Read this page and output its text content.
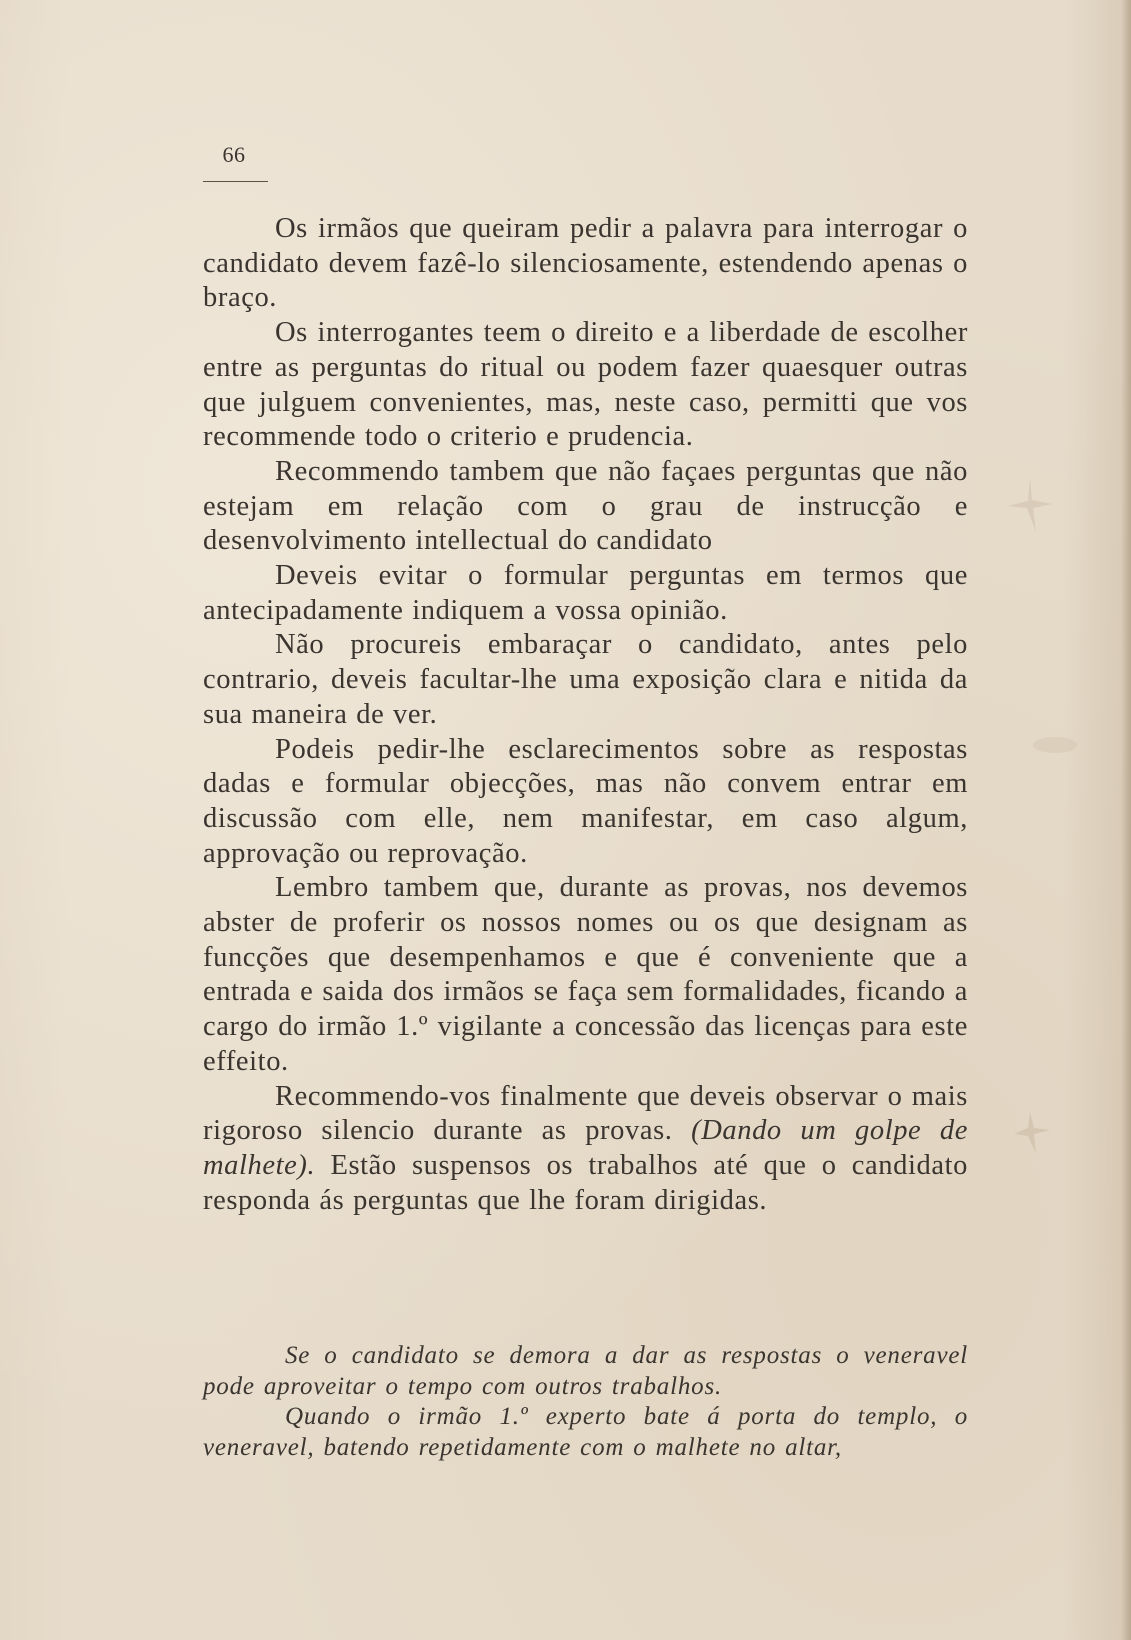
66

Os irmãos que queiram pedir a palavra para interrogar o candidato devem fazê-lo silenciosamente, estendendo apenas o braço.

Os interrogantes teem o direito e a liberdade de escolher entre as perguntas do ritual ou podem fazer quaesquer outras que julguem convenientes, mas, neste caso, permitti que vos recommende todo o criterio e prudencia.

Recommendo tambem que não façaes perguntas que não estejam em relação com o grau de instrucção e desenvolvimento intellectual do candidato

Deveis evitar o formular perguntas em termos que antecipadamente indiquem a vossa opinião.

Não procureis embaraçar o candidato, antes pelo contrario, deveis facultar-lhe uma exposição clara e nitida da sua maneira de ver.

Podeis pedir-lhe esclarecimentos sobre as respostas dadas e formular objecções, mas não convem entrar em discussão com elle, nem manifestar, em caso algum, approvação ou reprovação.

Lembro tambem que, durante as provas, nos devemos abster de proferir os nossos nomes ou os que designam as funcções que desempenhamos e que é conveniente que a entrada e saida dos irmãos se faça sem formalidades, ficando a cargo do irmão 1.º vigilante a concessão das licenças para este effeito.

Recommendo-vos finalmente que deveis observar o mais rigoroso silencio durante as provas. (Dando um golpe de malhete). Estão suspensos os trabalhos até que o candidato responda ás perguntas que lhe foram dirigidas.

Se o candidato se demora a dar as respostas o veneravel pode aproveitar o tempo com outros trabalhos.

Quando o irmão 1.º experto bate á porta do templo, o veneravel, batendo repetidamente com o malhete no altar,
